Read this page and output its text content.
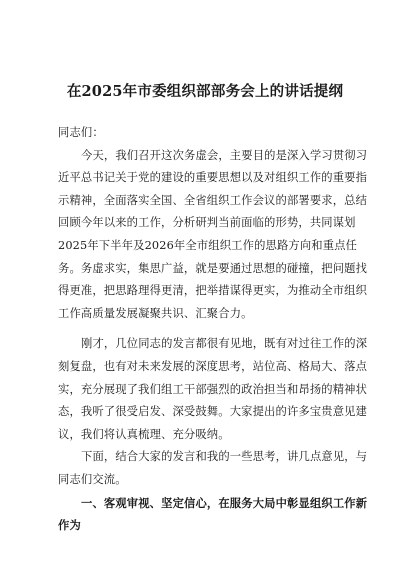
在2025年市委组织部部务会上的讲话提纲
同志们：
今天，我们召开这次务虚会，主要目的是深入学习贯彻习
近平总书记关于党的建设的重要思想以及对组织工作的重要指
示精神，全面落实全国、全省组织工作会议的部署要求，总结
回顾今年以来的工作，分析研判当前面临的形势，共同谋划
2025年下半年及2026年全市组织工作的思路方向和重点任
务。务虚求实，集思广益，就是要通过思想的碰撞，把问题找
得更准，把思路理得更清，把举措谋得更实，为推动全市组织
工作高质量发展凝聚共识、汇聚合力。
刚才，几位同志的发言都很有见地，既有对过往工作的深
刻复盘，也有对未来发展的深度思考，站位高、格局大、落点
实，充分展现了我们组工干部强烈的政治担当和昂扬的精神状
态，我听了很受启发、深受鼓舞。大家提出的许多宝贵意见建
议，我们将认真梳理、充分吸纳。
下面，结合大家的发言和我的一些思考，讲几点意见，与
同志们交流。
一、客观审视、坚定信心，在服务大局中彰显组织工作新
作为
